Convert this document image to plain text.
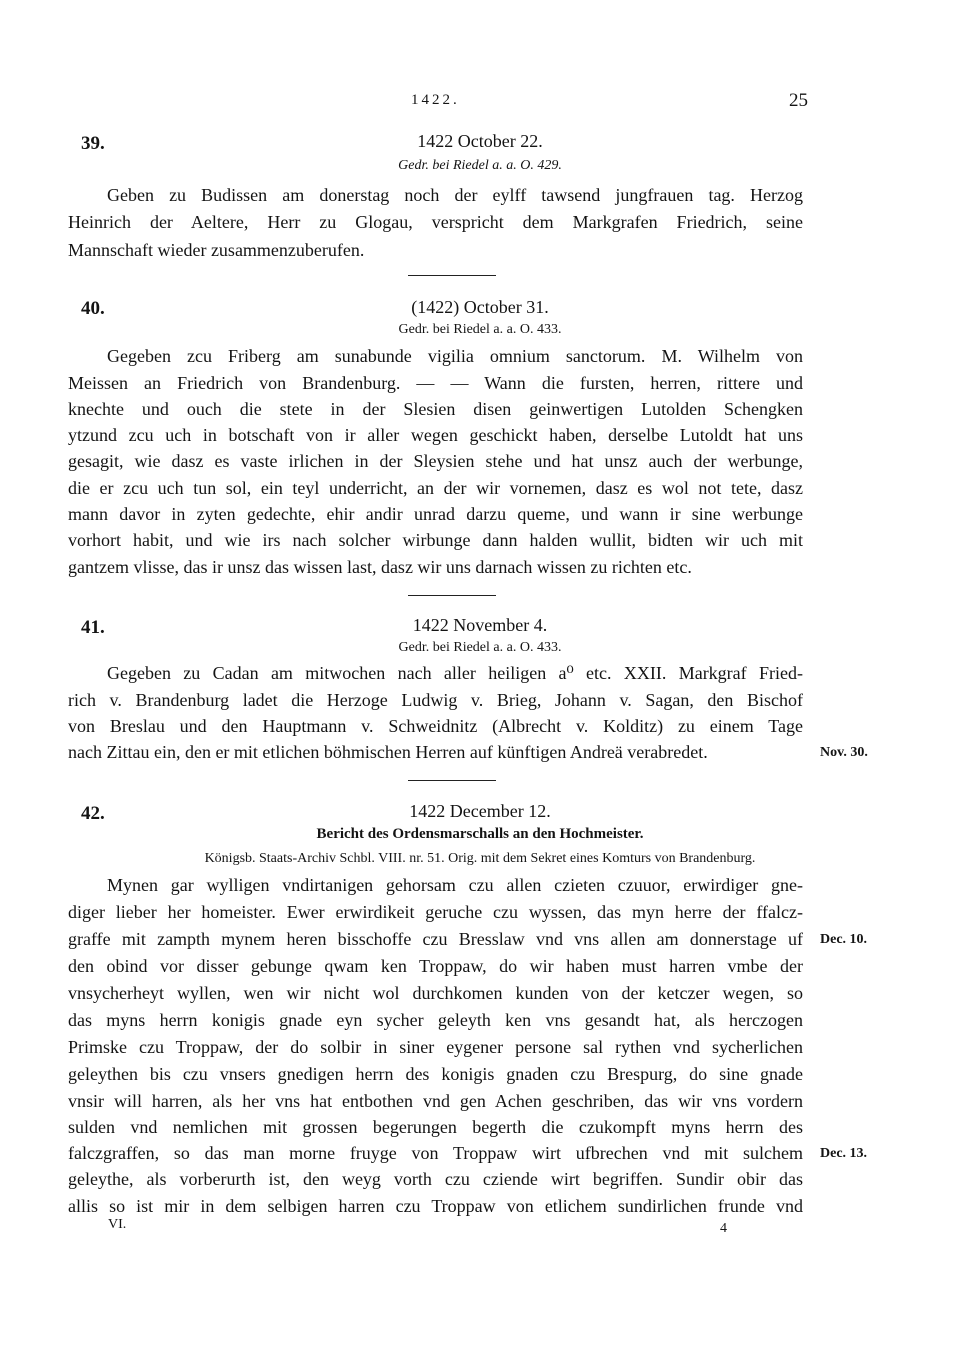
1422.	25
39.	1422 October 22.
Gedr. bei Riedel a. a. O. 429.
Geben zu Budissen am donerstag noch der eylff tawsend jungfrauen tag. Herzog
Heinrich der Aeltere, Herr zu Glogau, verspricht dem Markgrafen Friedrich, seine
Mannschaft wieder zusammenzuberufen.
40.	(1422) October 31.
Gedr. bei Riedel a. a. O. 433.
Gegeben zcu Friberg am sunabunde vigilia omnium sanctorum. M. Wilhelm von
Meissen an Friedrich von Brandenburg. — — Wann die fursten, herren, rittere und
knechte und ouch die stete in der Slesien disen geinwertigen Lutolden Schengken
ytzund zcu uch in botschaft von ir aller wegen geschickt haben, derselbe Lutoldt hat uns
gesagit, wie dasz es vaste irlichen in der Sleysien stehe und hat unsz auch der werbunge,
die er zcu uch tun sol, ein teyl underricht, an der wir vornemen, dasz es wol not tete, dasz
mann davor in zyten gedechte, ehir andir unrad darzu queme, und wann ir sine werbunge
vorhort habit, und wie irs nach solcher wirbunge dann halden wullit, bidten wir uch mit
gantzem vlisse, das ir unsz das wissen last, dasz wir uns darnach wissen zu richten etc.
41.	1422 November 4.
Gedr. bei Riedel a. a. O. 433.
Gegeben zu Cadan am mitwochen nach aller heiligen a⁰ etc. XXII. Markgraf Fried-
rich v. Brandenburg ladet die Herzoge Ludwig v. Brieg, Johann v. Sagan, den Bischof
von Breslau und den Hauptmann v. Schweidnitz (Albrecht v. Kolditz) zu einem Tage
nach Zittau ein, den er mit etlichen böhmischen Herren auf künftigen Andreä verabredet.	Nov. 30.
42.	1422 December 12.
Bericht des Ordensmarschalls an den Hochmeister.
Königsb. Staats-Archiv Schbl. VIII. nr. 51. Orig. mit dem Sekret eines Komturs von Brandenburg.
Mynen gar wylligen vndirtanigen gehorsam czu allen czieten czuuor, erwirdiger gne-
diger lieber her homeister. Ewer erwirdikeit geruche czu wyssen, das myn herre der ffalcz-
graffe mit zampth mynem heren bisschoffe czu Bresslaw vnd vns allen am donnerstage uf
den obind vor disser gebunge qwam ken Troppaw, do wir haben must harren vmbe der
vnsycherheyt wyllen, wen wir nicht wol durchkomen kunden von der ketczer wegen, so
das myns herrn konigis gnade eyn sycher geleyth ken vns gesandt hat, als herczogen
Primske czu Troppaw, der do solbir in siner eygener persone sal rythen vnd sycherlichen
geleythen bis czu vnsers gnedigen herrn des konigis gnaden czu Brespurg, do sine gnade
vnsir will harren, als her vns hat entbothen vnd gen Achen geschriben, das wir vns vordern
sulden vnd nemlichen mit grossen begerungen begerth die czukompft myns herrn des
falczgraffen, so das man morne fruyge von Troppaw wirt ufbrechen vnd mit sulchem
geleythe, als vorberurth ist, den weyg vorth czu cziende wirt begriffen. Sundir obir das
allis so ist mir in dem selbigen harren czu Troppaw von etlichem sundirlichen frunde vnd
Dec. 10.
Dec. 13.
VI.	4
